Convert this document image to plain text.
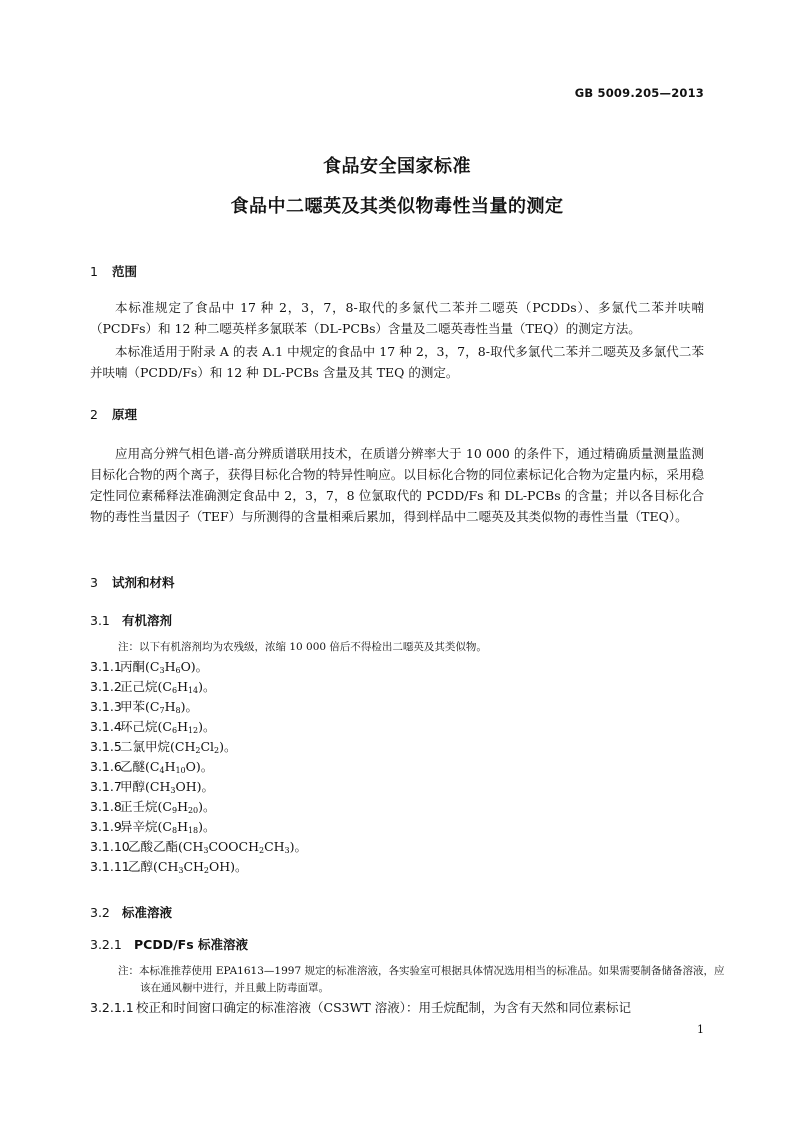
GB 5009.205—2013
食品安全国家标准
食品中二噁英及其类似物毒性当量的测定
1 范围
本标准规定了食品中 17 种 2，3，7，8-取代的多氯代二苯并二噁英（PCDDs）、多氯代二苯并呋喃（PCDFs）和 12 种二噁英样多氯联苯（DL-PCBs）含量及二噁英毒性当量（TEQ）的测定方法。
本标准适用于附录 A 的表 A.1 中规定的食品中 17 种 2，3，7，8-取代多氯代二苯并二噁英及多氯代二苯并呋喃（PCDD/Fs）和 12 种 DL-PCBs 含量及其 TEQ 的测定。
2 原理
应用高分辨气相色谱-高分辨质谱联用技术，在质谱分辨率大于 10 000 的条件下，通过精确质量测量监测目标化合物的两个离子，获得目标化合物的特异性响应。以目标化合物的同位素标记化合物为定量内标，采用稳定性同位素稀释法准确测定食品中 2，3，7，8 位氯取代的 PCDD/Fs 和 DL-PCBs 的含量；并以各目标化合物的毒性当量因子（TEF）与所测得的含量相乘后累加，得到样品中二噁英及其类似物的毒性当量（TEQ）。
3 试剂和材料
3.1 有机溶剂
注：以下有机溶剂均为农残级，浓缩 10 000 倍后不得检出二噁英及其类似物。
3.1.1丙酮$(C_3H_6O)$。
3.1.2正己烷$(C_6H_{14})$。
3.1.3甲苯$(C_7H_8)$。
3.1.4环己烷$(C_6H_{12})$。
3.1.5二氯甲烷$(CH_2Cl_2)$。
3.1.6乙醚$(C_4H_{10}O)$。
3.1.7甲醇$(CH_3OH)$。
3.1.8正壬烷$(C_9H_{20})$。
3.1.9异辛烷$(C_8H_{18})$。
3.1.10乙酸乙酯$(CH_3COOCH_2CH_3)$。
3.1.11乙醇$(CH_3CH_2OH)$。
3.2 标准溶液
3.2.1 PCDD/Fs 标准溶液
注：本标准推荐使用 EPA1613—1997 规定的标准溶液，各实验室可根据具体情况选用相当的标准品。如果需要制备储备溶液，应该在通风橱中进行，并且戴上防毒面罩。
3.2.1.1 校正和时间窗口确定的标准溶液（CS3WT 溶液）：用壬烷配制，为含有天然和同位素标记
1
